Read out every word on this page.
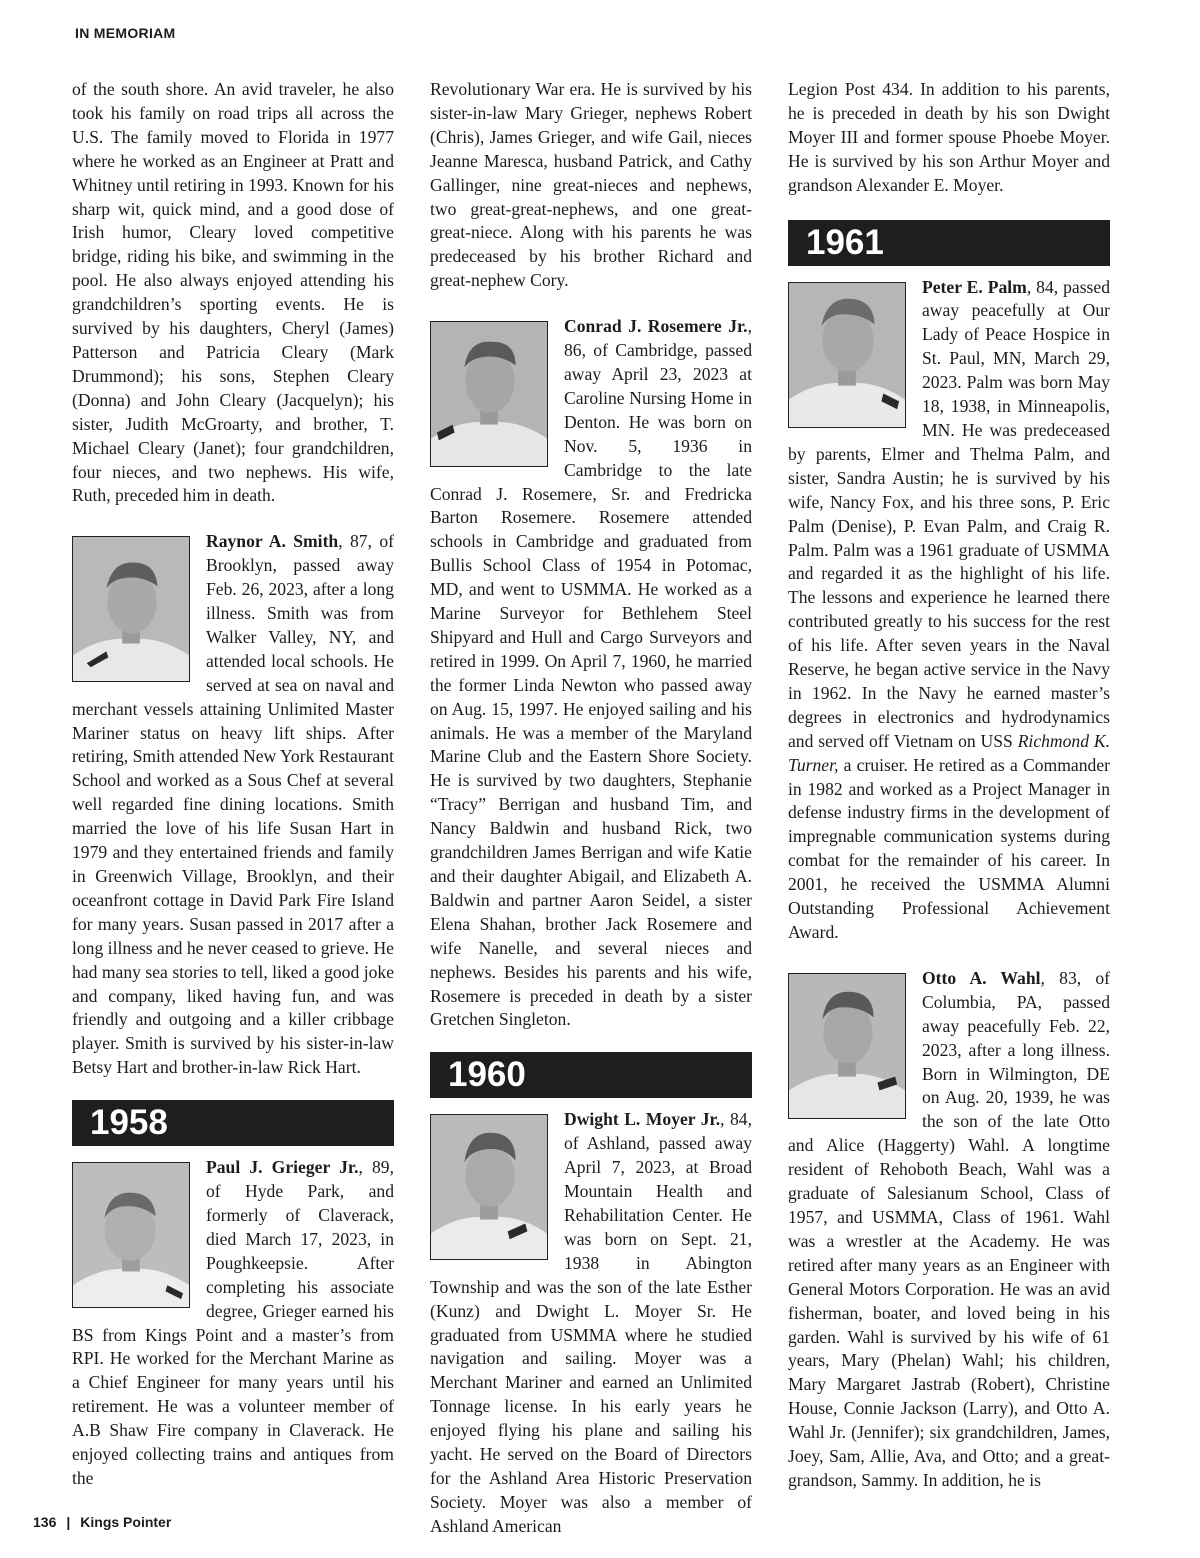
IN MEMORIAM

of the south shore. An avid traveler, he also took his family on road trips all across the U.S. The family moved to Florida in 1977 where he worked as an Engineer at Pratt and Whitney until retiring in 1993. Known for his sharp wit, quick mind, and a good dose of Irish humor, Cleary loved competitive bridge, riding his bike, and swimming in the pool. He also always enjoyed attending his grandchildren’s sporting events. He is survived by his daughters, Cheryl (James) Patterson and Patricia Cleary (Mark Drummond); his sons, Stephen Cleary (Donna) and John Cleary (Jacquelyn); his sister, Judith McGroarty, and brother, T. Michael Cleary (Janet); four grandchildren, four nieces, and two nephews. His wife, Ruth, preceded him in death.

Raynor A. Smith, 87, of Brooklyn, passed away Feb. 26, 2023, after a long illness. Smith was from Walker Valley, NY, and attended local schools. He served at sea on naval and merchant vessels attaining Unlimited Master Mariner status on heavy lift ships. After retiring, Smith attended New York Restaurant School and worked as a Sous Chef at several well regarded fine dining locations. Smith married the love of his life Susan Hart in 1979 and they entertained friends and family in Greenwich Village, Brooklyn, and their oceanfront cottage in David Park Fire Island for many years. Susan passed in 2017 after a long illness and he never ceased to grieve. He had many sea stories to tell, liked a good joke and company, liked having fun, and was friendly and outgoing and a killer cribbage player. Smith is survived by his sister-in-law Betsy Hart and brother-in-law Rick Hart.

1958

Paul J. Grieger Jr., 89, of Hyde Park, and formerly of Claverack, died March 17, 2023, in Poughkeepsie. After completing his associate degree, Grieger earned his BS from Kings Point and a master’s from RPI. He worked for the Merchant Marine as a Chief Engineer for many years until his retirement. He was a volunteer member of A.B Shaw Fire company in Claverack. He enjoyed collecting trains and antiques from the

Revolutionary War era. He is survived by his sister-in-law Mary Grieger, nephews Robert (Chris), James Grieger, and wife Gail, nieces Jeanne Maresca, husband Patrick, and Cathy Gallinger, nine great-nieces and nephews, two great-great-nephews, and one great-great-niece. Along with his parents he was predeceased by his brother Richard and great-nephew Cory.

Conrad J. Rosemere Jr., 86, of Cambridge, passed away April 23, 2023 at Caroline Nursing Home in Denton. He was born on Nov. 5, 1936 in Cambridge to the late Conrad J. Rosemere, Sr. and Fredricka Barton Rosemere. Rosemere attended schools in Cambridge and graduated from Bullis School Class of 1954 in Potomac, MD, and went to USMMA. He worked as a Marine Surveyor for Bethlehem Steel Shipyard and Hull and Cargo Surveyors and retired in 1999. On April 7, 1960, he married the former Linda Newton who passed away on Aug. 15, 1997. He enjoyed sailing and his animals. He was a member of the Maryland Marine Club and the Eastern Shore Society. He is survived by two daughters, Stephanie “Tracy” Berrigan and husband Tim, and Nancy Baldwin and husband Rick, two grandchildren James Berrigan and wife Katie and their daughter Abigail, and Elizabeth A. Baldwin and partner Aaron Seidel, a sister Elena Shahan, brother Jack Rosemere and wife Nanelle, and several nieces and nephews. Besides his parents and his wife, Rosemere is preceded in death by a sister Gretchen Singleton.

1960

Dwight L. Moyer Jr., 84, of Ashland, passed away April 7, 2023, at Broad Mountain Health and Rehabilitation Center. He was born on Sept. 21, 1938 in Abington Township and was the son of the late Esther (Kunz) and Dwight L. Moyer Sr. He graduated from USMMA where he studied navigation and sailing. Moyer was a Merchant Mariner and earned an Unlimited Tonnage license. In his early years he enjoyed flying his plane and sailing his yacht. He served on the Board of Directors for the Ashland Area Historic Preservation Society. Moyer was also a member of Ashland American

Legion Post 434. In addition to his parents, he is preceded in death by his son Dwight Moyer III and former spouse Phoebe Moyer. He is survived by his son Arthur Moyer and grandson Alexander E. Moyer.

1961

Peter E. Palm, 84, passed away peacefully at Our Lady of Peace Hospice in St. Paul, MN, March 29, 2023. Palm was born May 18, 1938, in Minneapolis, MN. He was predeceased by parents, Elmer and Thelma Palm, and sister, Sandra Austin; he is survived by his wife, Nancy Fox, and his three sons, P. Eric Palm (Denise), P. Evan Palm, and Craig R. Palm. Palm was a 1961 graduate of USMMA and regarded it as the highlight of his life. The lessons and experience he learned there contributed greatly to his success for the rest of his life. After seven years in the Naval Reserve, he began active service in the Navy in 1962. In the Navy he earned master’s degrees in electronics and hydrodynamics and served off Vietnam on USS Richmond K. Turner, a cruiser. He retired as a Commander in 1982 and worked as a Project Manager in defense industry firms in the development of impregnable communication systems during combat for the remainder of his career. In 2001, he received the USMMA Alumni Outstanding Professional Achievement Award.

Otto A. Wahl, 83, of Columbia, PA, passed away peacefully Feb. 22, 2023, after a long illness. Born in Wilmington, DE on Aug. 20, 1939, he was the son of the late Otto and Alice (Haggerty) Wahl. A longtime resident of Rehoboth Beach, Wahl was a graduate of Salesianum School, Class of 1957, and USMMA, Class of 1961. Wahl was a wrestler at the Academy. He was retired after many years as an Engineer with General Motors Corporation. He was an avid fisherman, boater, and loved being in his garden. Wahl is survived by his wife of 61 years, Mary (Phelan) Wahl; his children, Mary Margaret Jastrab (Robert), Christine House, Connie Jackson (Larry), and Otto A. Wahl Jr. (Jennifer); six grandchildren, James, Joey, Sam, Allie, Ava, and Otto; and a great-grandson, Sammy. In addition, he is

136 | Kings Pointer
